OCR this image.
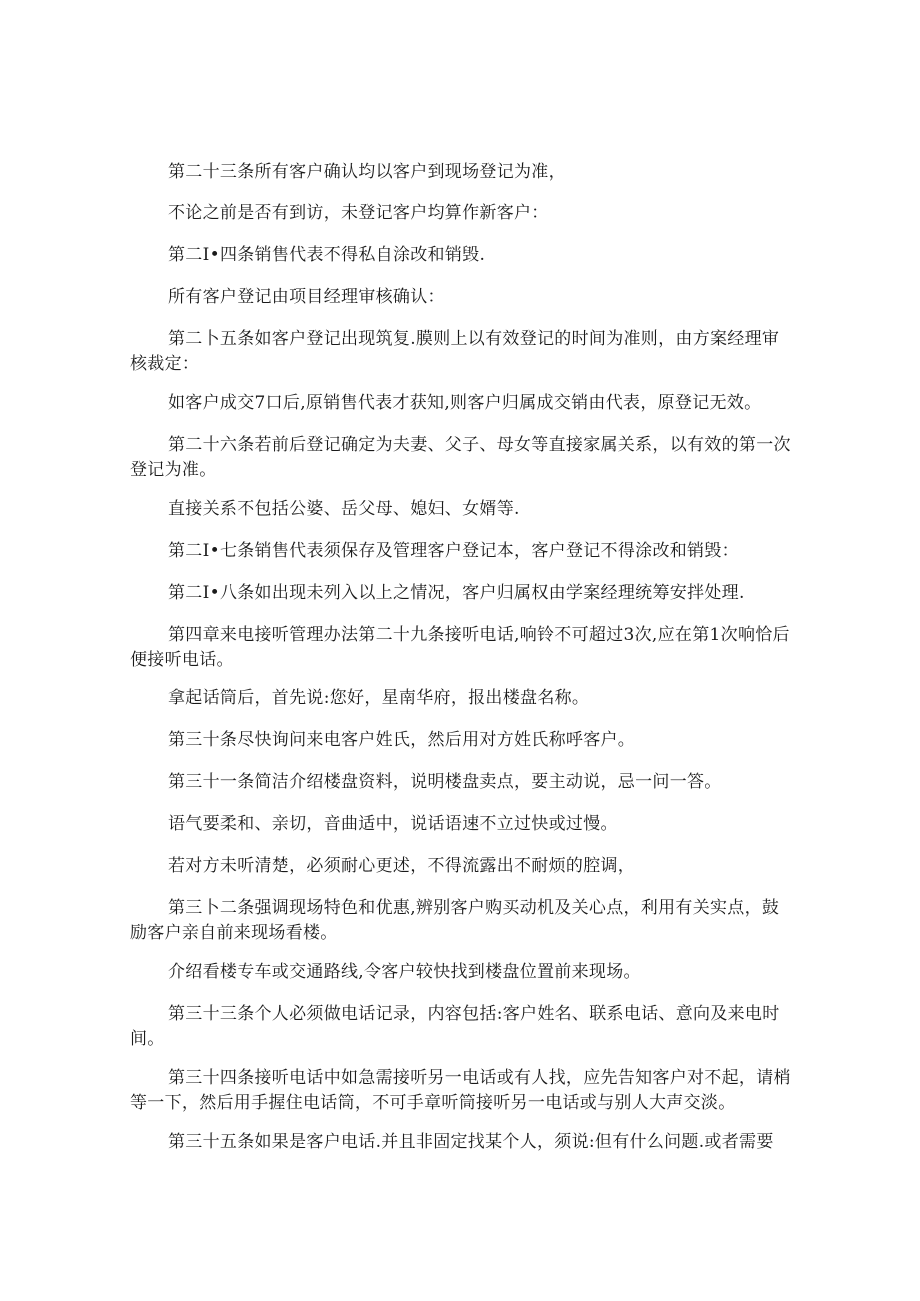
第二十三条所有客户确认均以客户到现场登记为准，
不论之前是否有到访，未登记客户均算作新客户：
第二I•四条销售代表不得私自涂改和销毁.
所有客户登记由项目经理审核确认：
第二卜五条如客户登记出现筑复.膜则上以有效登记的时间为准则，由方案经理审
核裁定：
如客户成交7口后,原销售代表才获知,则客户归属成交销由代表，原登记无效。
第二十六条若前后登记确定为夫妻、父子、母女等直接家属关系，以有效的第一次
登记为准。
直接关系不包括公婆、岳父母、媳妇、女婿等.
第二I•七条销售代表须保存及管理客户登记本，客户登记不得涂改和销毁：
第二I•八条如出现未列入以上之情况，客户归属权由学案经理统筹安拌处理.
第四章来电接听管理办法第二十九条接听电话,响铃不可超过3次,应在第1次响恰后
便接听电话。
拿起话筒后，首先说:您好，星南华府，报出楼盘名称。
第三十条尽快询问来电客户姓氏，然后用对方姓氏称呼客户。
第三十一条简洁介绍楼盘资料，说明楼盘卖点，要主动说，忌一问一答。
语气要柔和、亲切，音曲适中，说话语速不立过快或过慢。
若对方未听清楚，必须耐心更述，不得流露出不耐烦的腔调，
第三卜二条强调现场特色和优惠,辨别客户购买动机及关心点，利用有关实点，鼓
励客户亲自前来现场看楼。
介绍看楼专车或交通路线,令客户较快找到楼盘位置前来现场。
第三十三条个人必须做电话记录，内容包括:客户姓名、联系电话、意向及来电时
间。
第三十四条接听电话中如急需接听另一电话或有人找，应先告知客户对不起，请梢
等一下，然后用手握住电话筒，不可手章听筒接听另一电话或与别人大声交淡。
第三十五条如果是客户电话.并且非固定找某个人，须说:但有什么问题.或者需要
